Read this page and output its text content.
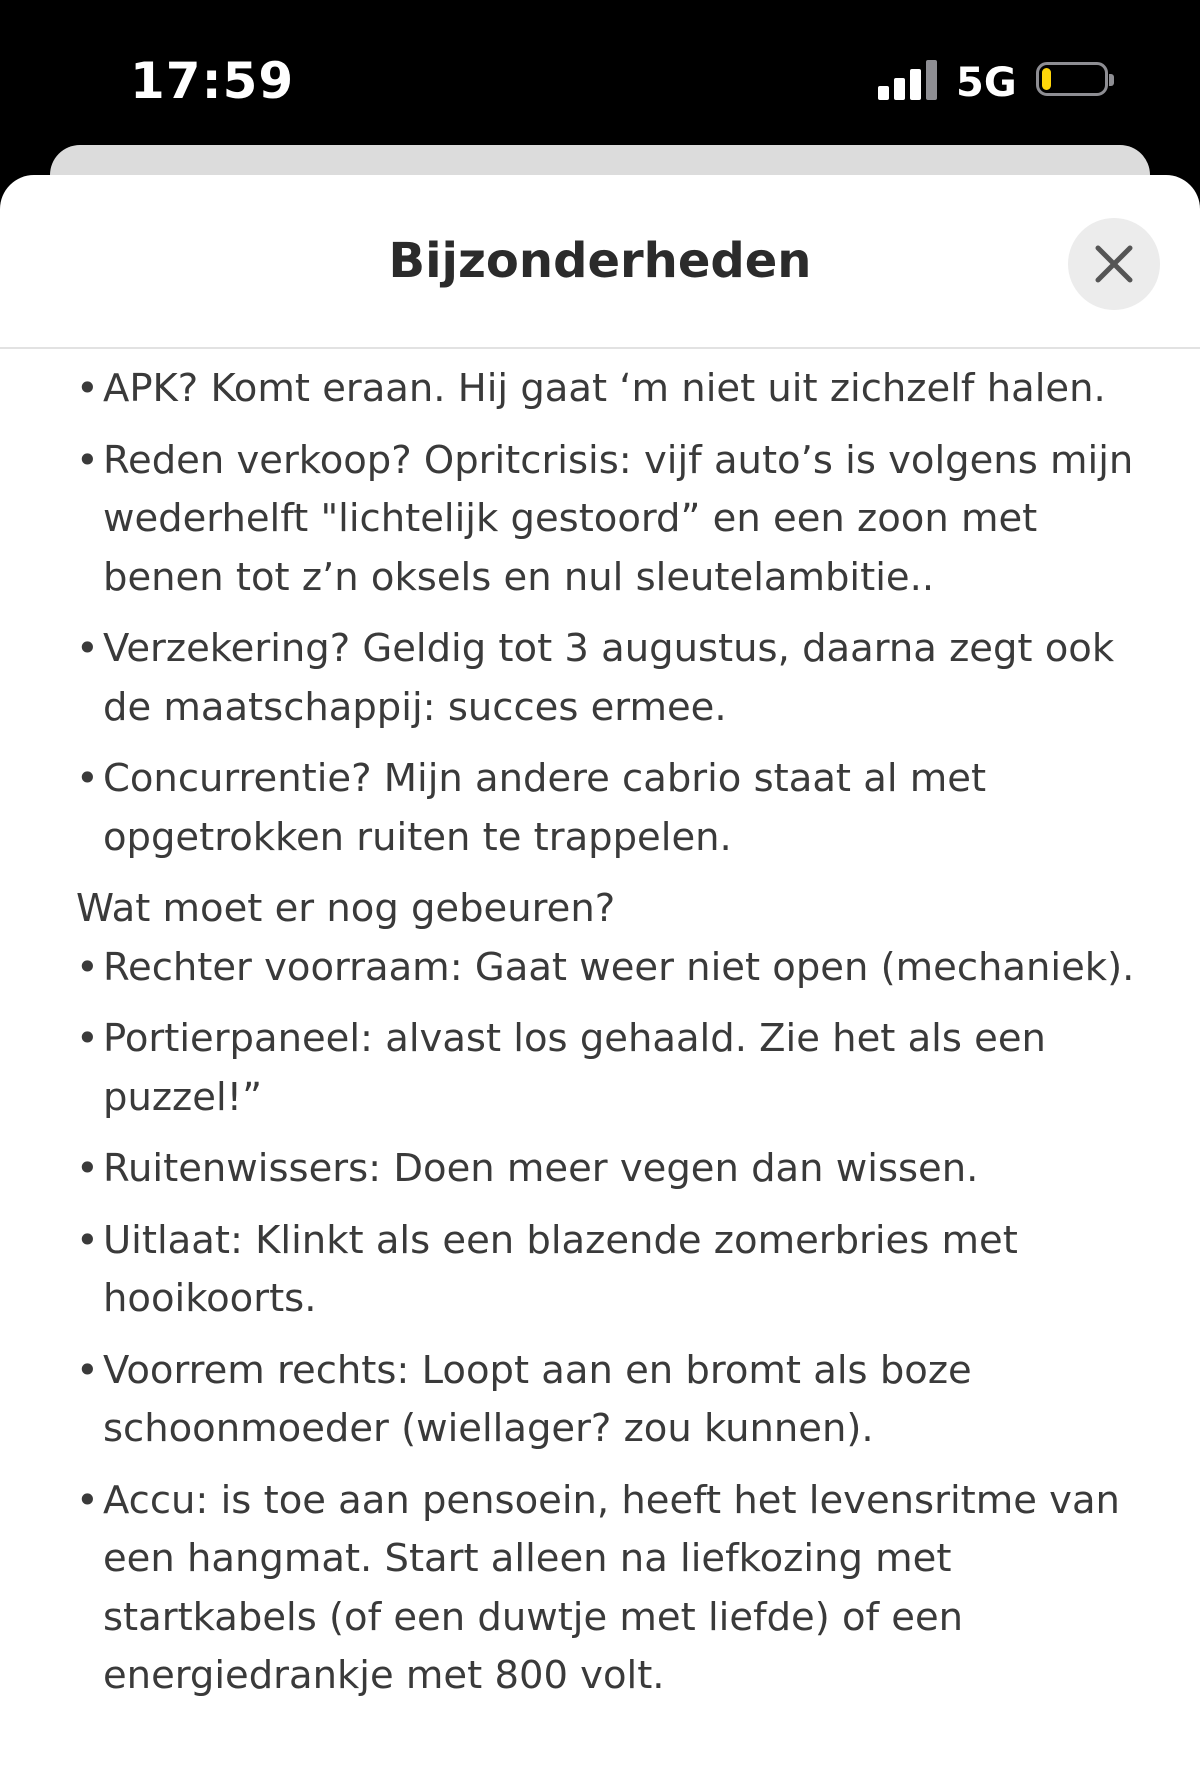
17:59	5G
Bijzonderheden
• APK? Komt eraan. Hij gaat ‘m niet uit zichzelf halen.
• Reden verkoop? Opritcrisis: vijf auto’s is volgens mijn wederhelft "lichtelijk gestoord” en een zoon met benen tot z’n oksels en nul sleutelambitie..
• Verzekering? Geldig tot 3 augustus, daarna zegt ook de maatschappij: succes ermee.
• Concurrentie? Mijn andere cabrio staat al met opgetrokken ruiten te trappelen.
Wat moet er nog gebeuren?
• Rechter voorraam: Gaat weer niet open (mechaniek).
• Portierpaneel: alvast los gehaald. Zie het als een puzzel!”
• Ruitenwissers: Doen meer vegen dan wissen.
• Uitlaat: Klinkt als een blazende zomerbries met hooikoorts.
• Voorrem rechts: Loopt aan en bromt als boze schoonmoeder (wiellager? zou kunnen).
• Accu: is toe aan pensoein, heeft het levensritme van een hangmat. Start alleen na liefkozing met startkabels (of een duwtje met liefde) of een energiedrankje met 800 volt.
